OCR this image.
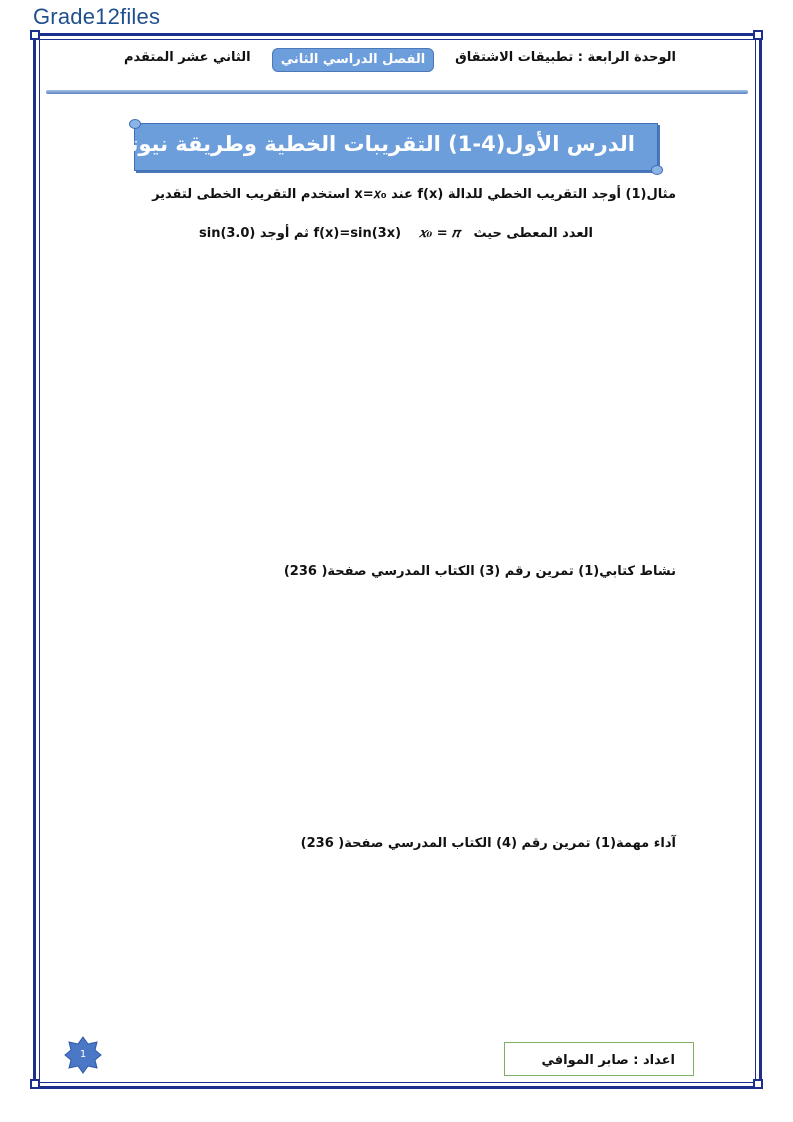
Grade12files
الوحدة الرابعة : تطبيقات الاشتقاق
الفصل الدراسي الثاني
الثاني عشر المتقدم
الدرس الأول(4-1) التقريبات الخطية وطريقة نيوتن
مثال(1) أوجد التقريب الخطي للدالة f(x) عند x=𝑥₀ استخدم التقريب الخطى لتقدير
العدد المعطى حيث   𝑥₀ = 𝜋    f(x)=sin(3x) ثم أوجد sin(3.0)
نشاط كتابي(1) تمرين رقم (3) الكتاب المدرسي صفحة( 236)
آداء مهمة(1) تمرين رقم (4) الكتاب المدرسي صفحة( 236)
1	اعداد : صابر الموافي
